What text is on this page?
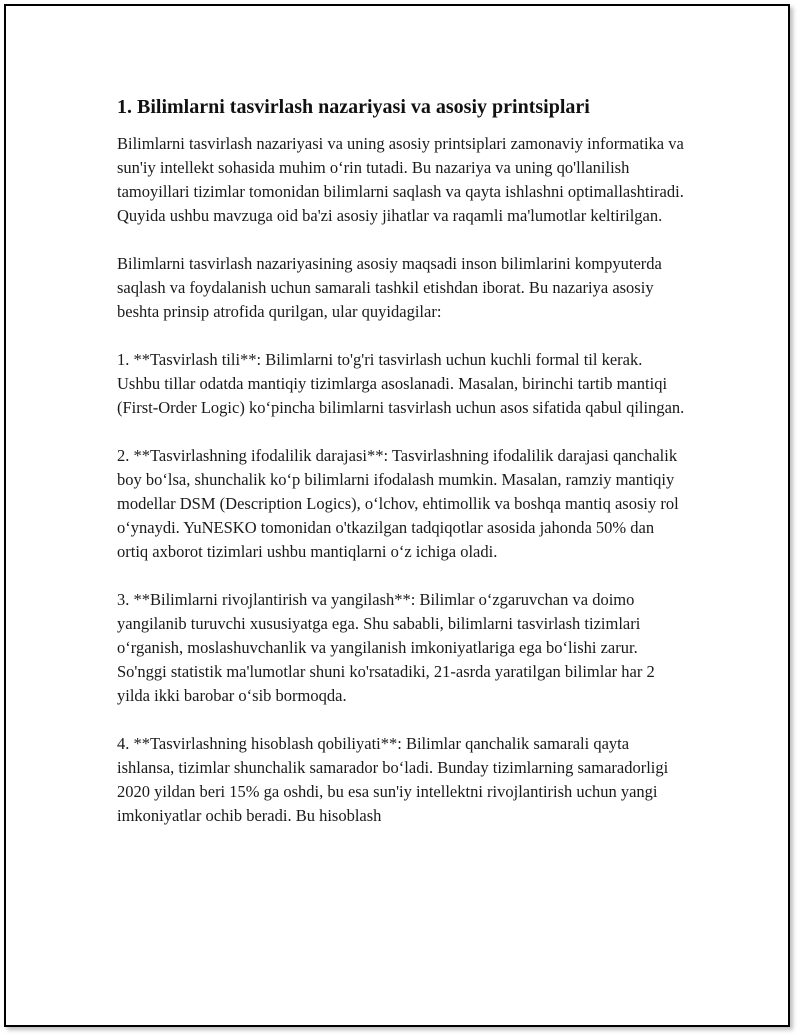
1. Bilimlarni tasvirlash nazariyasi va asosiy printsiplari

Bilimlarni tasvirlash nazariyasi va uning asosiy printsiplari zamonaviy informatika va sun'iy intellekt sohasida muhim o‘rin tutadi. Bu nazariya va uning qo'llanilish tamoyillari tizimlar tomonidan bilimlarni saqlash va qayta ishlashni optimallashtiradi. Quyida ushbu mavzuga oid ba'zi asosiy jihatlar va raqamli ma'lumotlar keltirilgan.

Bilimlarni tasvirlash nazariyasining asosiy maqsadi inson bilimlarini kompyuterda saqlash va foydalanish uchun samarali tashkil etishdan iborat. Bu nazariya asosiy beshta prinsip atrofida qurilgan, ular quyidagilar:

1. **Tasvirlash tili**: Bilimlarni to'g'ri tasvirlash uchun kuchli formal til kerak. Ushbu tillar odatda mantiqiy tizimlarga asoslanadi. Masalan, birinchi tartib mantiqi (First-Order Logic) ko‘pincha bilimlarni tasvirlash uchun asos sifatida qabul qilingan.

2. **Tasvirlashning ifodalilik darajasi**: Tasvirlashning ifodalilik darajasi qanchalik boy bo‘lsa, shunchalik ko‘p bilimlarni ifodalash mumkin. Masalan, ramziy mantiqiy modellar DSM (Description Logics), o‘lchov, ehtimollik va boshqa mantiq asosiy rol o‘ynaydi. YuNESKO tomonidan o'tkazilgan tadqiqotlar asosida jahonda 50% dan ortiq axborot tizimlari ushbu mantiqlarni o‘z ichiga oladi.

3. **Bilimlarni rivojlantirish va yangilash**: Bilimlar o‘zgaruvchan va doimo yangilanib turuvchi xususiyatga ega. Shu sababli, bilimlarni tasvirlash tizimlari o‘rganish, moslashuvchanlik va yangilanish imkoniyatlariga ega bo‘lishi zarur. So'nggi statistik ma'lumotlar shuni ko'rsatadiki, 21-asrda yaratilgan bilimlar har 2 yilda ikki barobar o‘sib bormoqda.

4. **Tasvirlashning hisoblash qobiliyati**: Bilimlar qanchalik samarali qayta ishlansa, tizimlar shunchalik samarador bo‘ladi. Bunday tizimlarning samaradorligi 2020 yildan beri 15% ga oshdi, bu esa sun'iy intellektni rivojlantirish uchun yangi imkoniyatlar ochib beradi. Bu hisoblash
